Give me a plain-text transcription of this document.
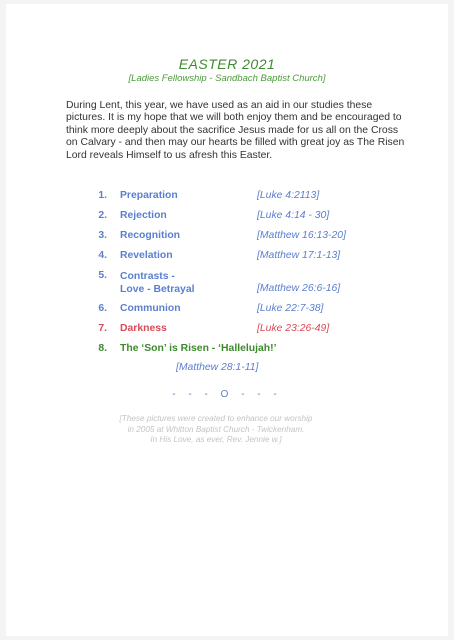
EASTER 2021
[Ladies Fellowship - Sandbach Baptist Church]
During Lent, this year, we have used as an aid in our studies these pictures. It is my hope that we will both enjoy them and be encouraged to think more deeply about the sacrifice Jesus made for us all on the Cross on Calvary - and then may our hearts be filled with great joy as The Risen Lord reveals Himself to us afresh this Easter.
1. Preparation	[Luke 4:2113]
2. Rejection	[Luke 4:14 - 30]
3. Recognition	[Matthew 16:13-20]
4. Revelation	[Matthew 17:1-13]
5. Contrasts -
Love - Betrayal	[Matthew 26:6-16]
6. Communion	[Luke 22:7-38]
7. Darkness	[Luke 23:26-49]
8. The ‘Son’ is Risen - ‘Hallelujah!’
[Matthew 28:1-11]
- - - O - - -
[These pictures were created to enhance our worship
in 2005 at Whitton Baptist Church - Twickenham.
In His Love, as ever, Rev. Jennie w.]
